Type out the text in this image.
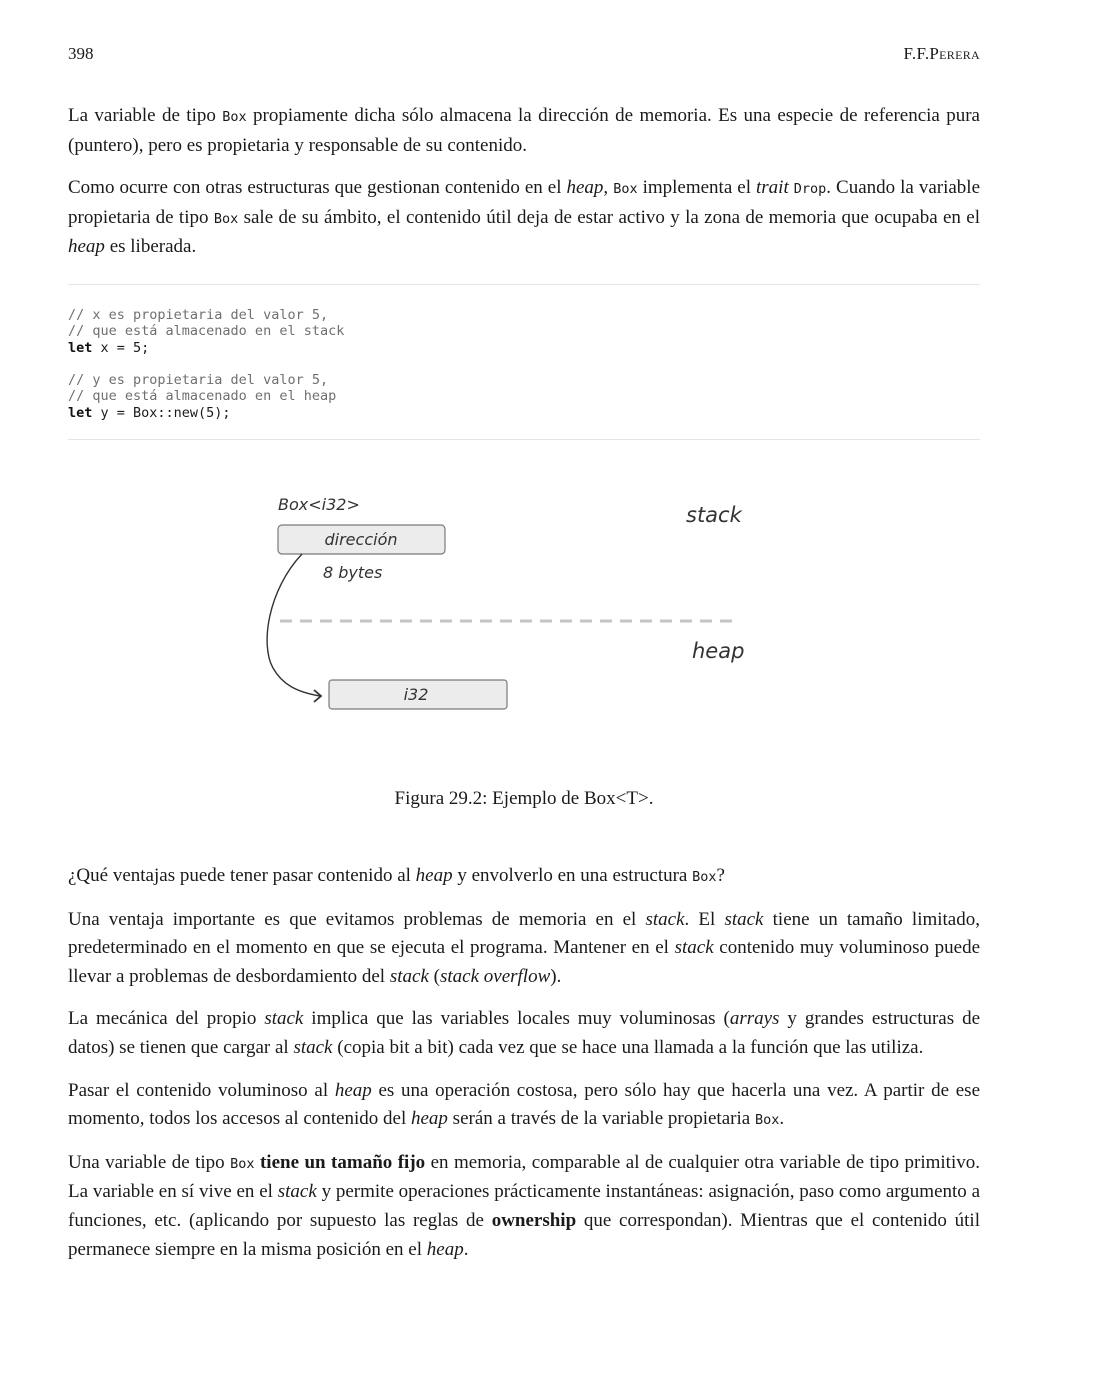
398	F.F.Perera

La variable de tipo Box propiamente dicha sólo almacena la dirección de memoria. Es una especie de referencia pura (puntero), pero es propietaria y responsable de su contenido.

Como ocurre con otras estructuras que gestionan contenido en el heap, Box implementa el trait Drop. Cuando la variable propietaria de tipo Box sale de su ámbito, el contenido útil deja de estar activo y la zona de memoria que ocupaba en el heap es liberada.

// x es propietaria del valor 5,
// que está almacenado en el stack
let x = 5;
// y es propietaria del valor 5,
// que está almacenado en el heap
let y = Box::new(5);
Box<i32>
dirección
8 bytes
stack
heap
i32
Figura 29.2: Ejemplo de Box<T>.

¿Qué ventajas puede tener pasar contenido al heap y envolverlo en una estructura Box?

Una ventaja importante es que evitamos problemas de memoria en el stack. El stack tiene un tamaño limitado, predeterminado en el momento en que se ejecuta el programa. Mantener en el stack contenido muy voluminoso puede llevar a problemas de desbordamiento del stack (stack overflow).

La mecánica del propio stack implica que las variables locales muy voluminosas (arrays y grandes estructuras de datos) se tienen que cargar al stack (copia bit a bit) cada vez que se hace una llamada a la función que las utiliza.

Pasar el contenido voluminoso al heap es una operación costosa, pero sólo hay que hacerla una vez. A partir de ese momento, todos los accesos al contenido del heap serán a través de la variable propietaria Box.

Una variable de tipo Box tiene un tamaño fijo en memoria, comparable al de cualquier otra variable de tipo primitivo. La variable en sí vive en el stack y permite operaciones prácticamente instantáneas: asignación, paso como argumento a funciones, etc. (aplicando por supuesto las reglas de ownership que correspondan). Mientras que el contenido útil permanece siempre en la misma posición en el heap.
